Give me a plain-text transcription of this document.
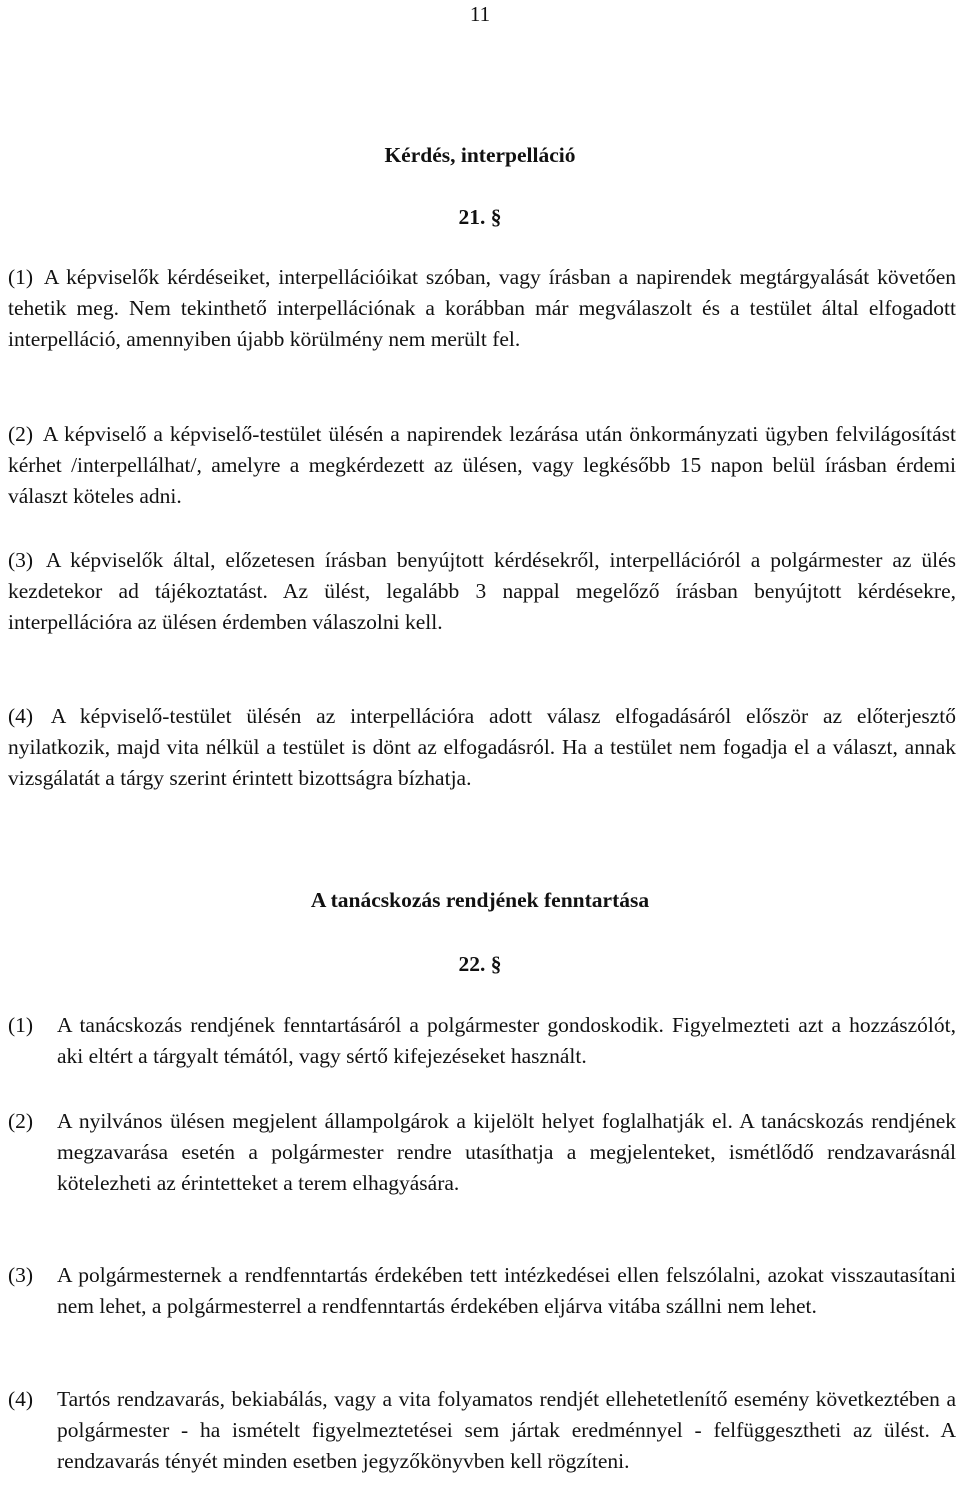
11
Kérdés, interpelláció
21. §
(1) A képviselők kérdéseiket, interpellációikat szóban, vagy írásban a napirendek megtárgyalását követően tehetik meg. Nem tekinthető interpellációnak a korábban már megválaszolt és a testület által elfogadott interpelláció, amennyiben újabb körülmény nem merült fel.
(2) A képviselő a képviselő-testület ülésén a napirendek lezárása után önkormányzati ügyben felvilágosítást kérhet /interpellálhat/, amelyre a megkérdezett az ülésen, vagy legkésőbb 15 napon belül írásban érdemi választ köteles adni.
(3) A képviselők által, előzetesen írásban benyújtott kérdésekről, interpellációról a polgármester az ülés kezdetekor ad tájékoztatást. Az ülést, legalább 3 nappal megelőző írásban benyújtott kérdésekre, interpellációra az ülésen érdemben válaszolni kell.
(4) A képviselő-testület ülésén az interpellációra adott válasz elfogadásáról először az előterjesztő nyilatkozik, majd vita nélkül a testület is dönt az elfogadásról. Ha a testület nem fogadja el a választ, annak vizsgálatát a tárgy szerint érintett bizottságra bízhatja.
A tanácskozás rendjének fenntartása
22. §
(1) A tanácskozás rendjének fenntartásáról a polgármester gondoskodik. Figyelmezteti azt a hozzászólót, aki eltért a tárgyalt témától, vagy sértő kifejezéseket használt.
(2) A nyilvános ülésen megjelent állampolgárok a kijelölt helyet foglalhatják el. A tanácskozás rendjének megzavarása esetén a polgármester rendre utasíthatja a megjelenteket, ismétlődő rendzavarásnál kötelezheti az érintetteket a terem elhagyására.
(3) A polgármesternek a rendfenntartás érdekében tett intézkedései ellen felszólalni, azokat visszautasítani nem lehet, a polgármesterrel a rendfenntartás érdekében eljárva vitába szállni nem lehet.
(4) Tartós rendzavarás, bekiabálás, vagy a vita folyamatos rendjét ellehetetlenítő esemény következtében a polgármester - ha ismételt figyelmeztetései sem jártak eredménnyel - felfüggesztheti az ülést. A rendzavarás tényét minden esetben jegyzőkönyvben kell rögzíteni.
